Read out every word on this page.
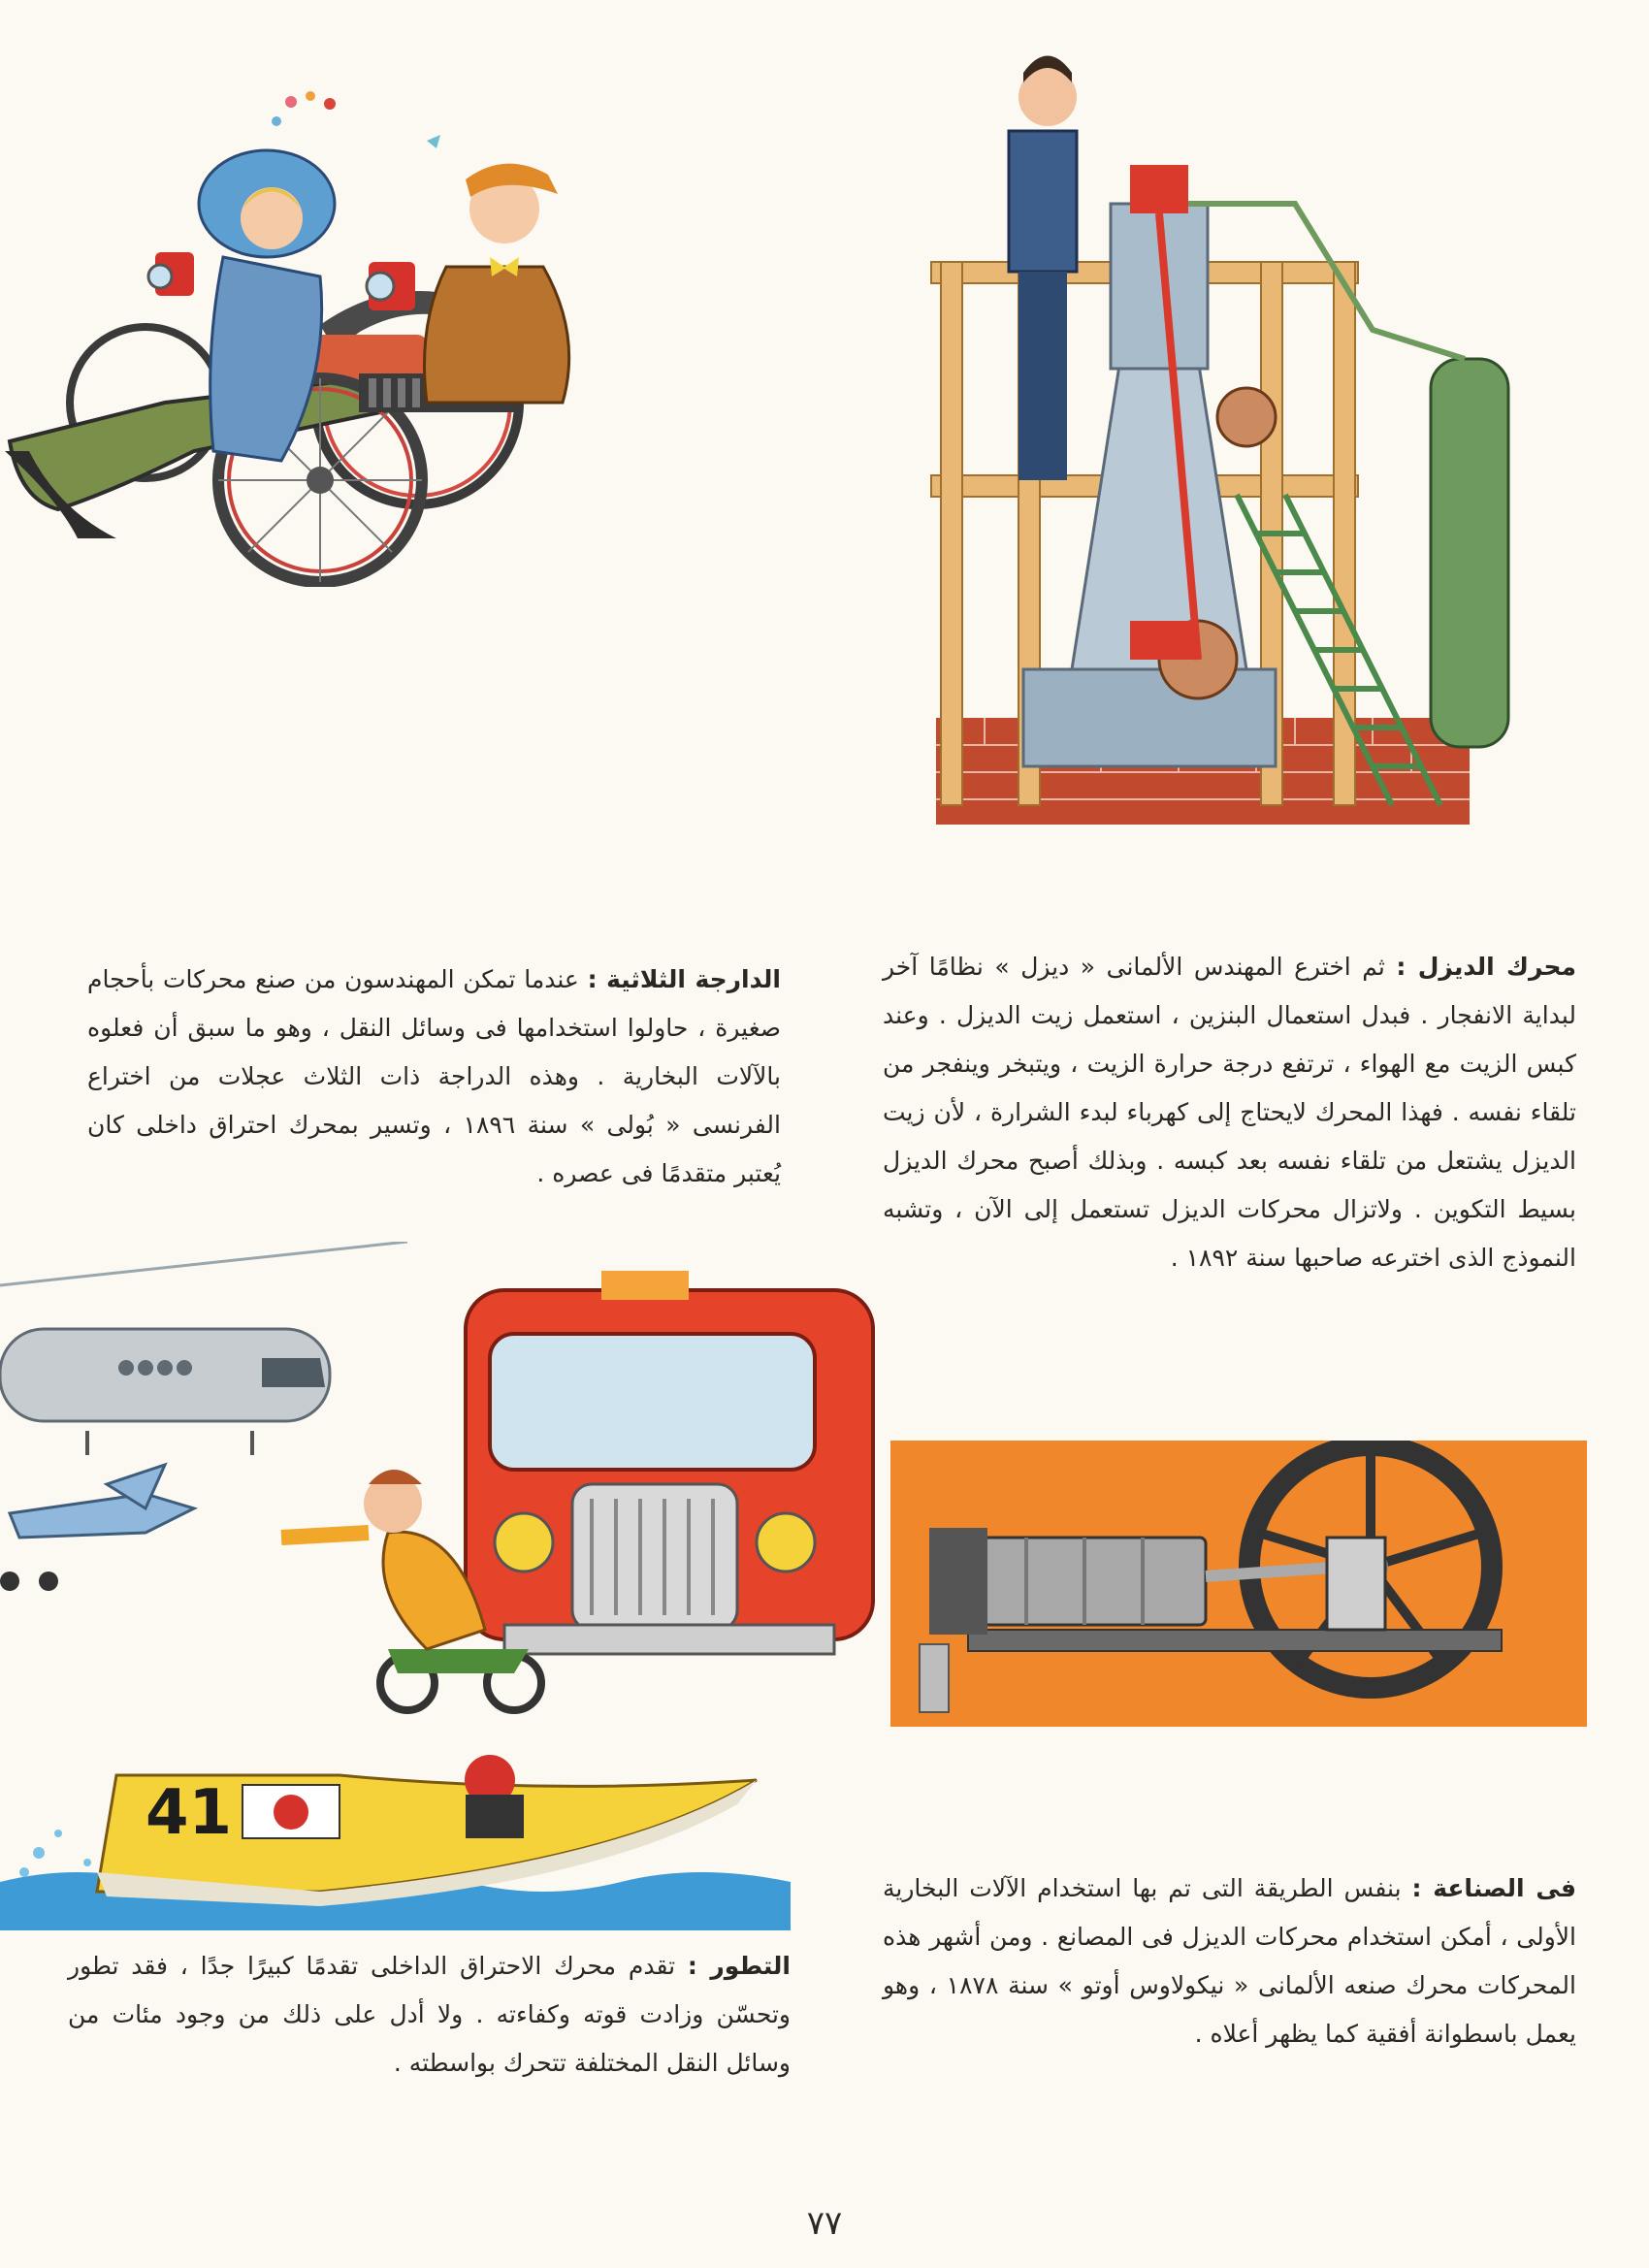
محرك الديزل : ثم اخترع المهندس الألمانى « ديزل » نظامًا آخر لبداية الانفجار . فبدل استعمال البنزين ، استعمل زيت الديزل . وعند كبس الزيت مع الهواء ، ترتفع درجة حرارة الزيت ، ويتبخر وينفجر من تلقاء نفسه . فهذا المحرك لايحتاج إلى كهرباء لبدء الشرارة ، لأن زيت الديزل يشتعل من تلقاء نفسه بعد كبسه . وبذلك أصبح محرك الديزل بسيط التكوين . ولاتزال محركات الديزل تستعمل إلى الآن ، وتشبه النموذج الذى اخترعه صاحبها سنة ١٨٩٢ .
الدارجة الثلاثية : عندما تمكن المهندسون من صنع محركات بأحجام صغيرة ، حاولوا استخدامها فى وسائل النقل ، وهو ما سبق أن فعلوه بالآلات البخارية . وهذه الدراجة ذات الثلاث عجلات من اختراع الفرنسى « بُولى » سنة ١٨٩٦ ، وتسير بمحرك احتراق داخلى كان يُعتبر متقدمًا فى عصره .
41
فى الصناعة : بنفس الطريقة التى تم بها استخدام الآلات البخارية الأولى ، أمكن استخدام محركات الديزل فى المصانع . ومن أشهر هذه المحركات محرك صنعه الألمانى « نيكولاوس أوتو » سنة ١٨٧٨ ، وهو يعمل باسطوانة أفقية كما يظهر أعلاه .
التطور : تقدم محرك الاحتراق الداخلى تقدمًا كبيرًا جدًا ، فقد تطور وتحسّن وزادت قوته وكفاءته . ولا أدل على ذلك من وجود مئات من وسائل النقل المختلفة تتحرك بواسطته .
٧٧
